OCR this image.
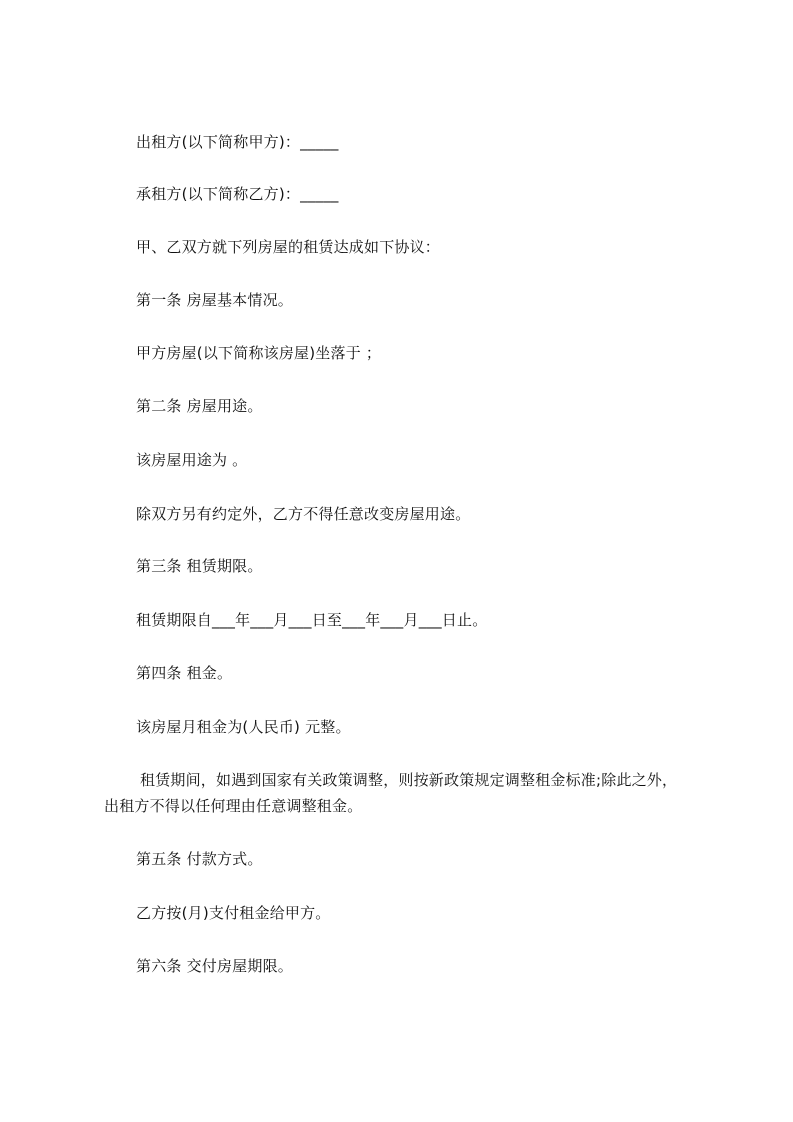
出租方(以下简称甲方)：_____
承租方(以下简称乙方)：_____
甲、乙双方就下列房屋的租赁达成如下协议：
第一条 房屋基本情况。
甲方房屋(以下简称该房屋)坐落于 ；
第二条 房屋用途。
该房屋用途为 。
除双方另有约定外，乙方不得任意改变房屋用途。
第三条 租赁期限。
租赁期限自___年___月___日至___年___月___日止。
第四条 租金。
该房屋月租金为(人民币) 元整。
租赁期间，如遇到国家有关政策调整，则按新政策规定调整租金标准;除此之外，
出租方不得以任何理由任意调整租金。
第五条 付款方式。
乙方按(月)支付租金给甲方。
第六条 交付房屋期限。
